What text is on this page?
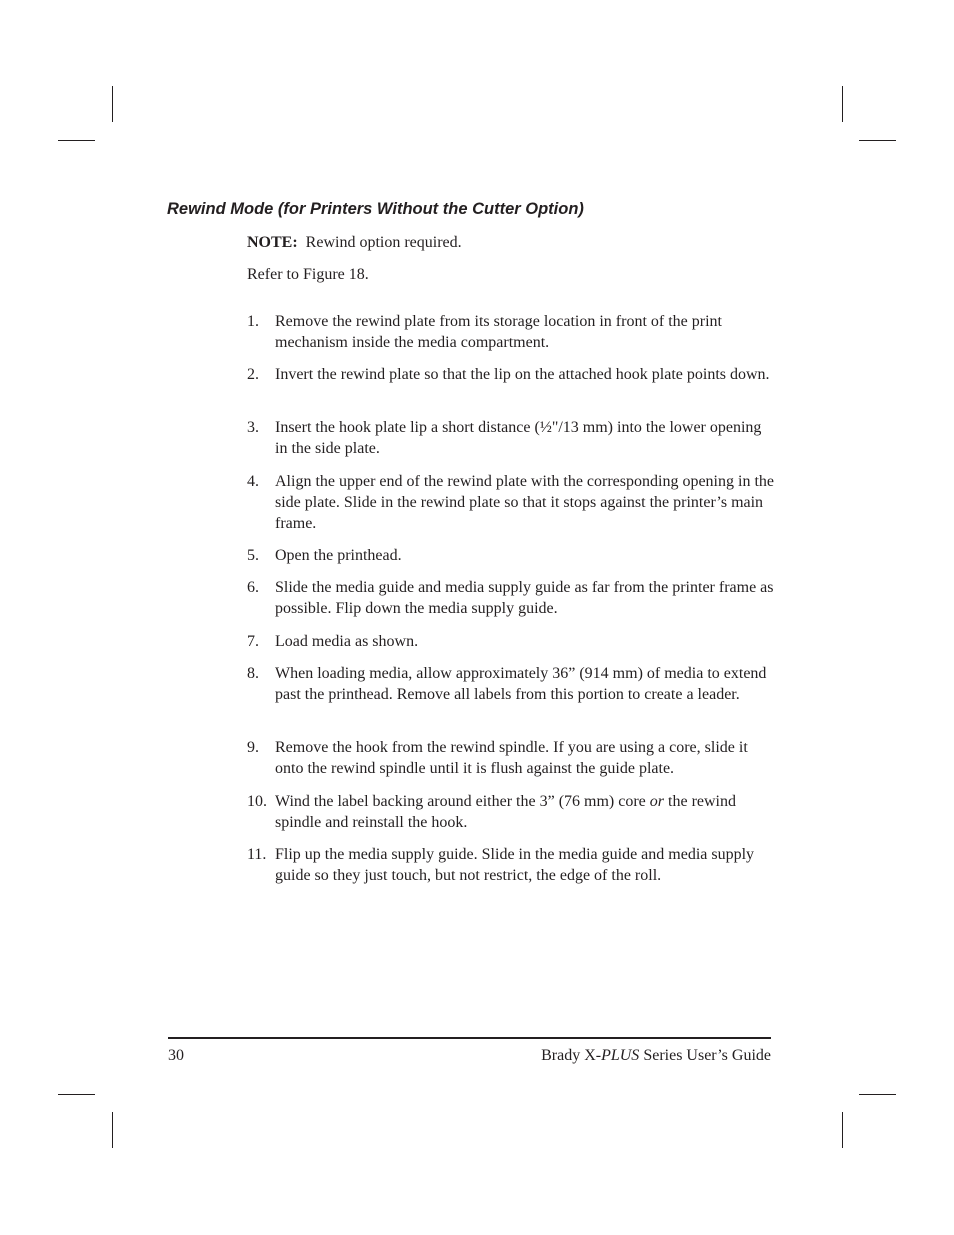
Rewind Mode (for Printers Without the Cutter Option)
NOTE: Rewind option required.
Refer to Figure 18.
1. Remove the rewind plate from its storage location in front of the print mechanism inside the media compartment.
2. Invert the rewind plate so that the lip on the attached hook plate points down.
3. Insert the hook plate lip a short distance (½"/13 mm) into the lower opening in the side plate.
4. Align the upper end of the rewind plate with the corresponding opening in the side plate. Slide in the rewind plate so that it stops against the printer’s main frame.
5. Open the printhead.
6. Slide the media guide and media supply guide as far from the printer frame as possible. Flip down the media supply guide.
7. Load media as shown.
8. When loading media, allow approximately 36” (914 mm) of media to extend past the printhead. Remove all labels from this portion to create a leader.
9. Remove the hook from the rewind spindle. If you are using a core, slide it onto the rewind spindle until it is flush against the guide plate.
10. Wind the label backing around either the 3” (76 mm) core or the rewind spindle and reinstall the hook.
11. Flip up the media supply guide. Slide in the media guide and media supply guide so they just touch, but not restrict, the edge of the roll.
30	Brady X-PLUS Series User’s Guide
